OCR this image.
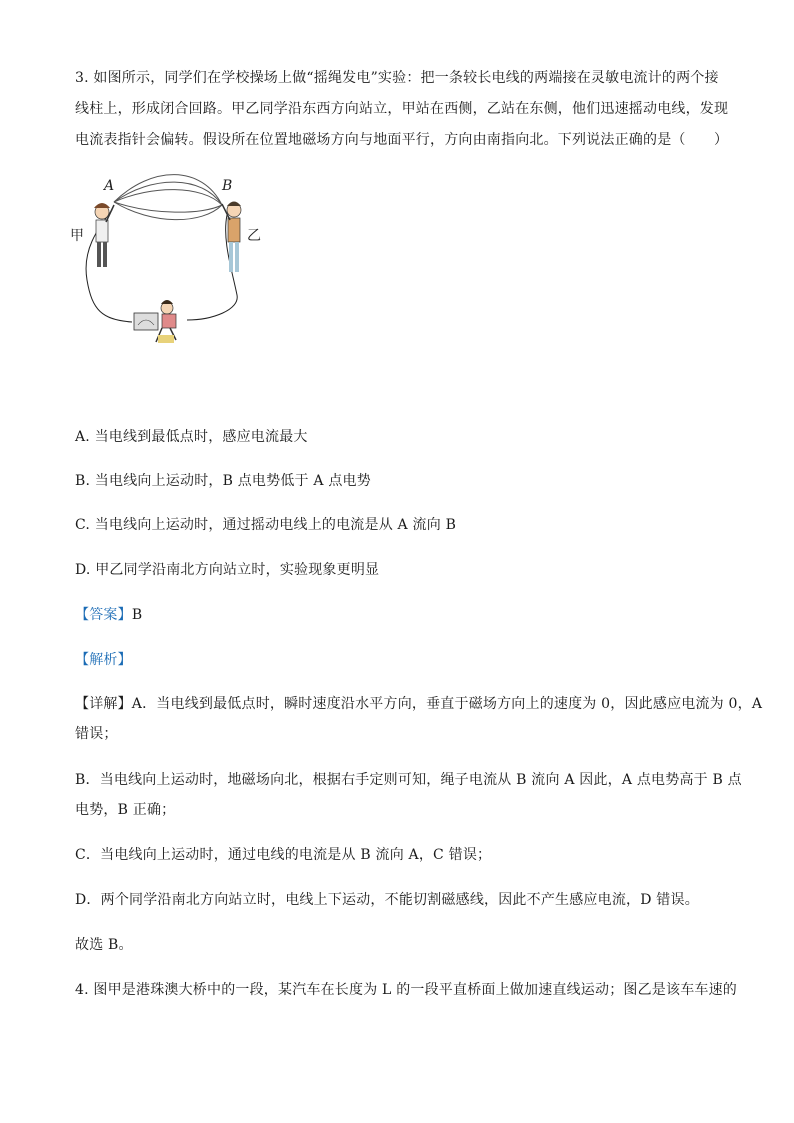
3. 如图所示，同学们在学校操场上做“摇绳发电”实验：把一条较长电线的两端接在灵敏电流计的两个接
线柱上，形成闭合回路。甲乙同学沿东西方向站立，甲站在西侧，乙站在东侧，他们迅速摇动电线，发现
电流表指针会偏转。假设所在位置地磁场方向与地面平行，方向由南指向北。下列说法正确的是（　　）
A	B
甲	乙
A. 当电线到最低点时，感应电流最大
B. 当电线向上运动时，B 点电势低于 A 点电势
C. 当电线向上运动时，通过摇动电线上的电流是从 A 流向 B
D. 甲乙同学沿南北方向站立时，实验现象更明显
【答案】B
【解析】
【详解】A．当电线到最低点时，瞬时速度沿水平方向，垂直于磁场方向上的速度为 0，因此感应电流为 0，A
错误；
B．当电线向上运动时，地磁场向北，根据右手定则可知，绳子电流从 B 流向 A 因此，A 点电势高于 B 点
电势，B 正确；
C．当电线向上运动时，通过电线的电流是从 B 流向 A，C 错误；
D．两个同学沿南北方向站立时，电线上下运动，不能切割磁感线，因此不产生感应电流，D 错误。
故选 B。
4. 图甲是港珠澳大桥中的一段，某汽车在长度为 L 的一段平直桥面上做加速直线运动；图乙是该车车速的
